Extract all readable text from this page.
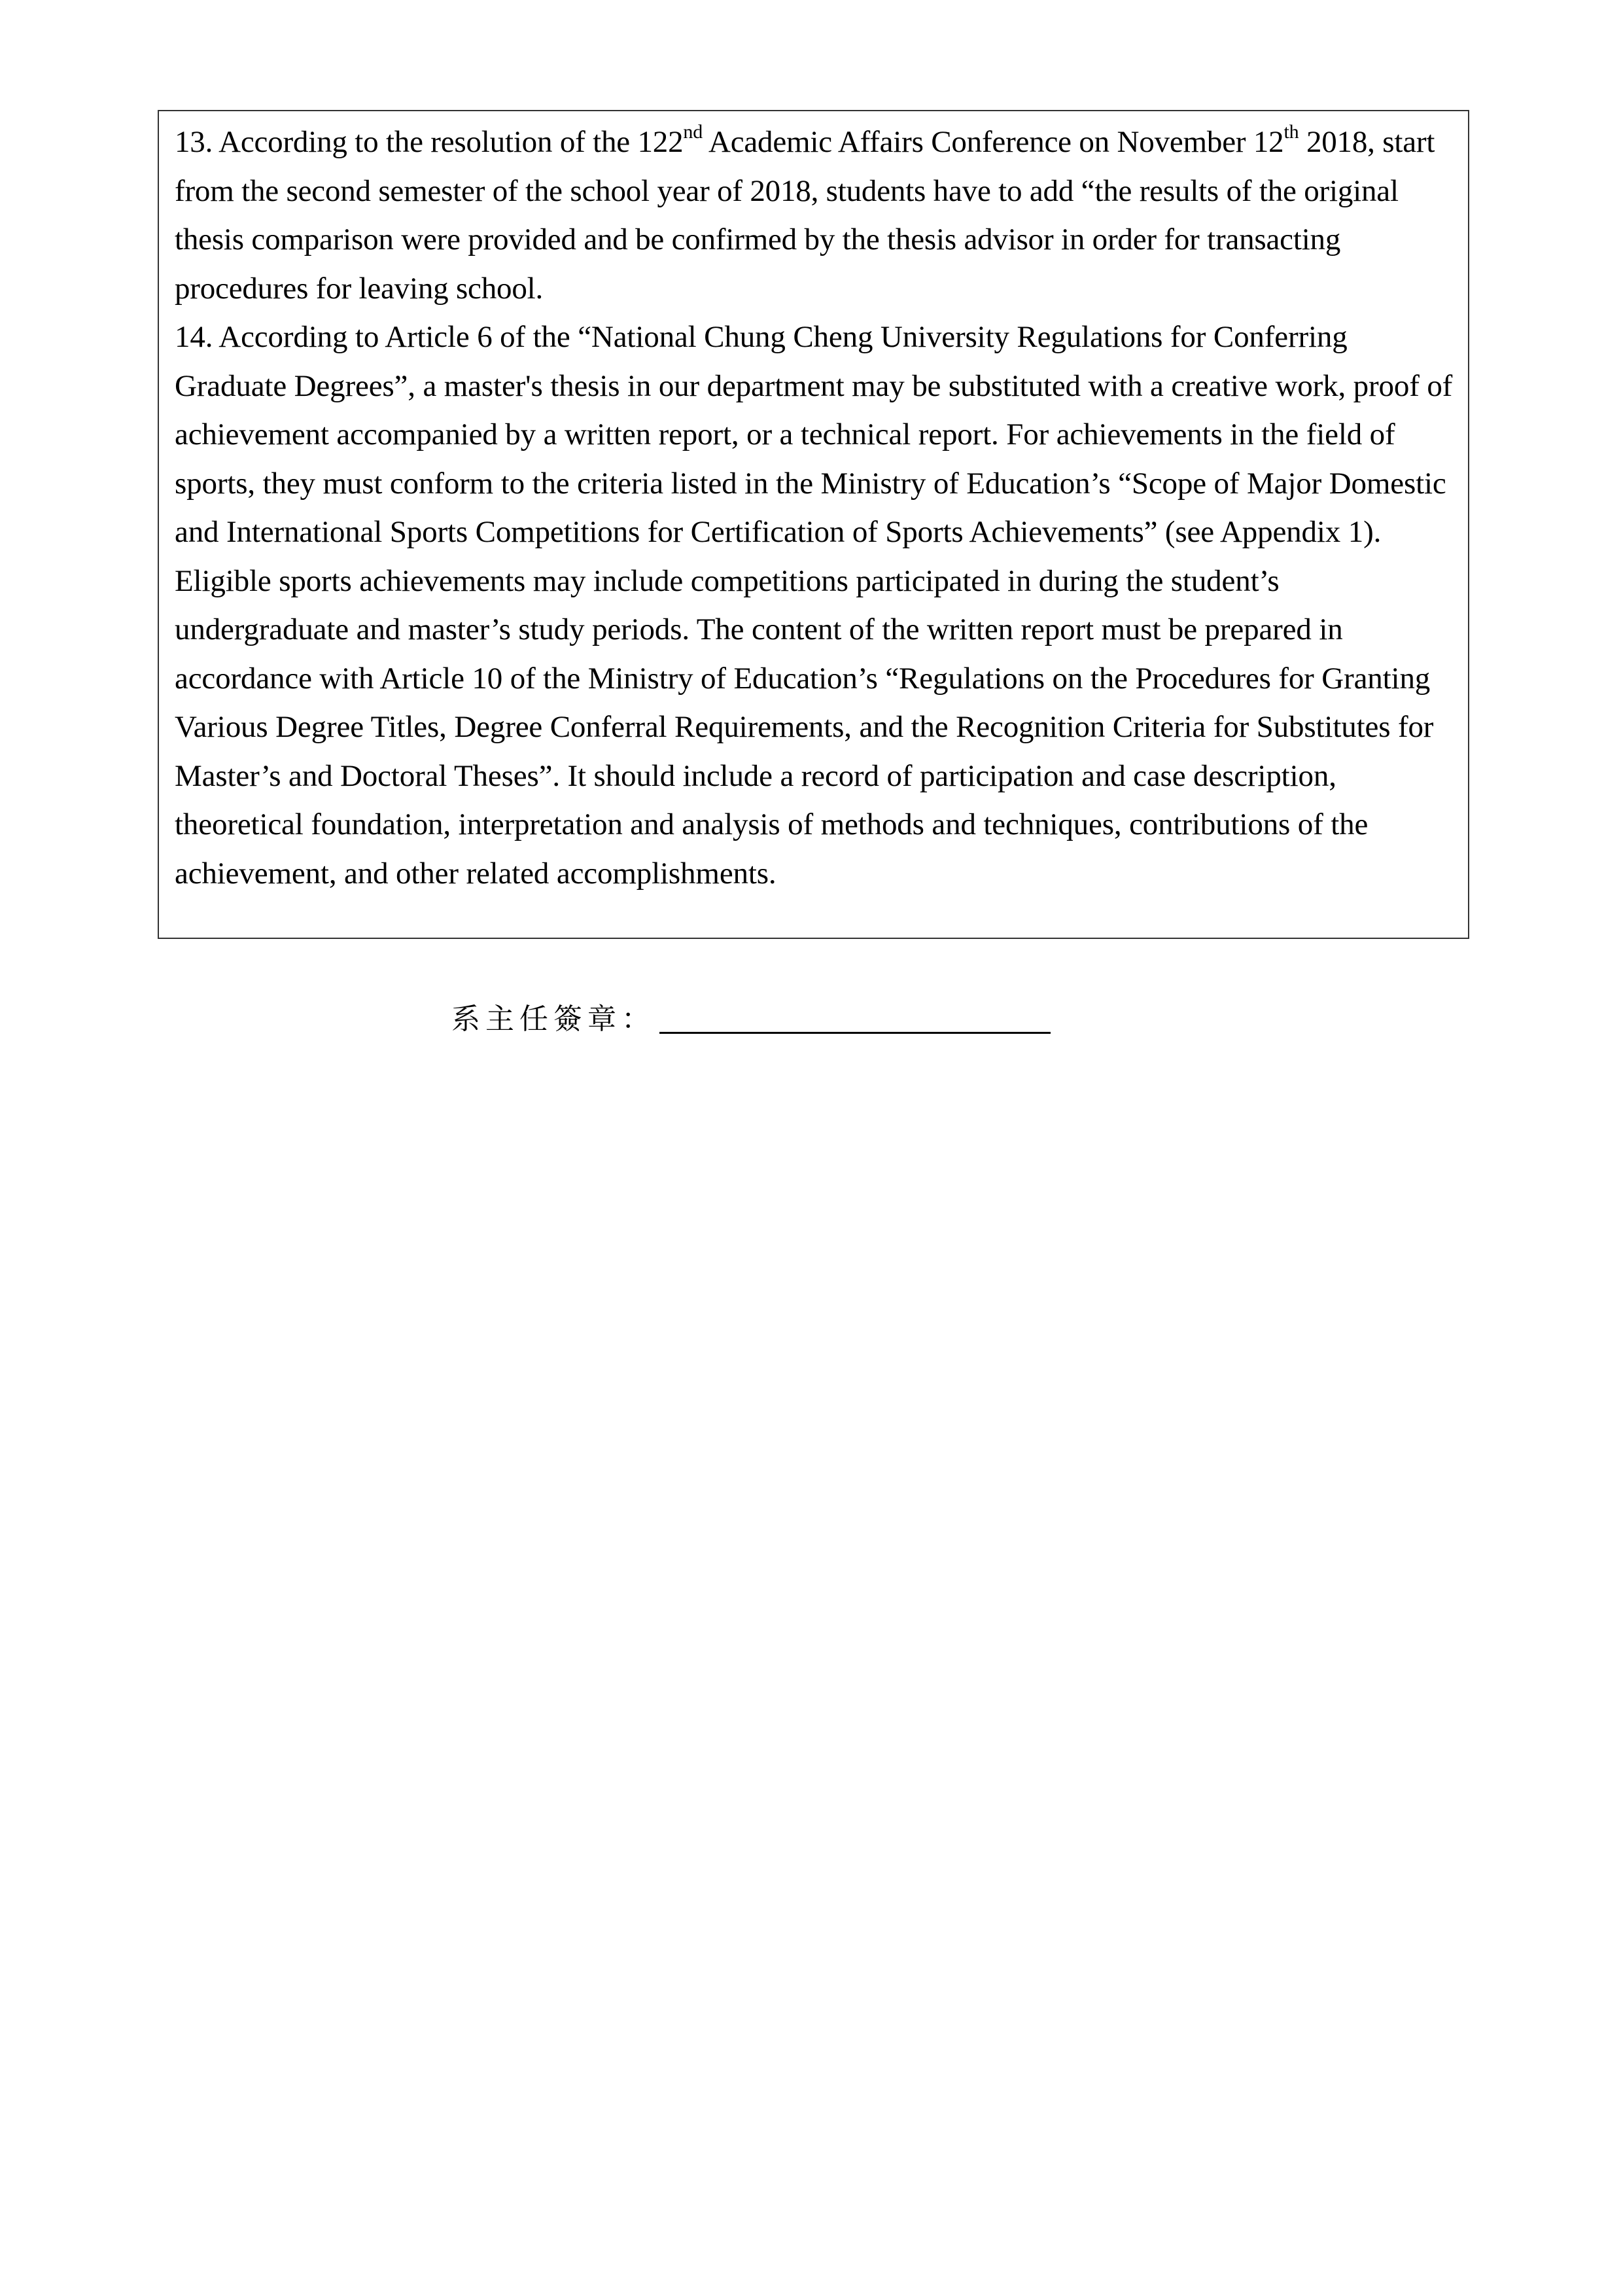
13. According to the resolution of the 122nd Academic Affairs Conference on November 12th 2018, start from the second semester of the school year of 2018, students have to add “the results of the original thesis comparison were provided and be confirmed by the thesis advisor in order for transacting procedures for leaving school.

14. According to Article 6 of the “National Chung Cheng University Regulations for Conferring Graduate Degrees”, a master's thesis in our department may be substituted with a creative work, proof of achievement accompanied by a written report, or a technical report. For achievements in the field of sports, they must conform to the criteria listed in the Ministry of Education’s “Scope of Major Domestic and International Sports Competitions for Certification of Sports Achievements” (see Appendix 1). Eligible sports achievements may include competitions participated in during the student’s undergraduate and master’s study periods. The content of the written report must be prepared in accordance with Article 10 of the Ministry of Education’s “Regulations on the Procedures for Granting Various Degree Titles, Degree Conferral Requirements, and the Recognition Criteria for Substitutes for Master’s and Doctoral Theses”. It should include a record of participation and case description, theoretical foundation, interpretation and analysis of methods and techniques, contributions of the achievement, and other related accomplishments.

系主任簽章：
